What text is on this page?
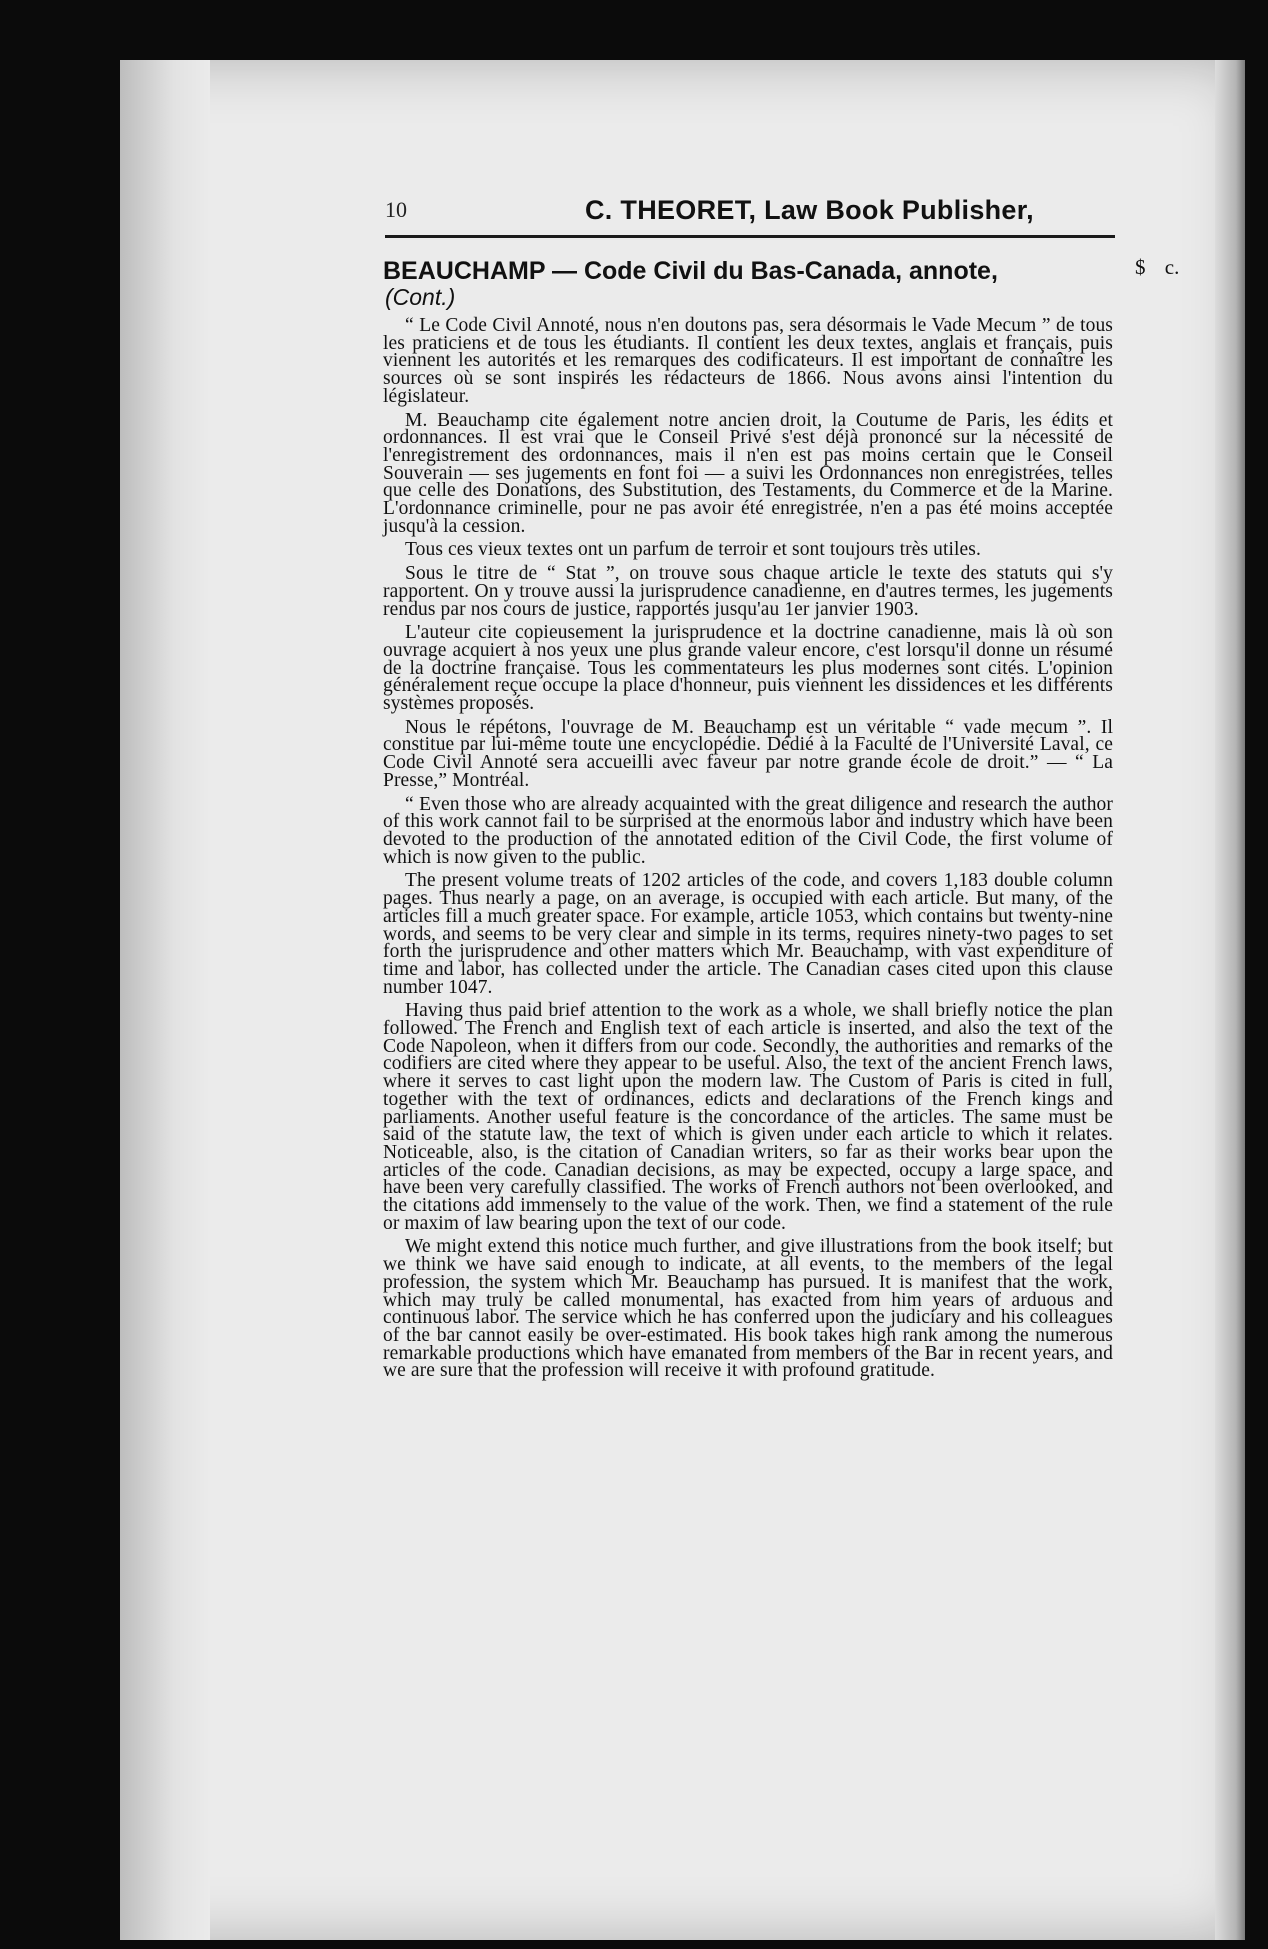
10	C. THEORET, Law Book Publisher,
$ c.
BEAUCHAMP — Code Civil du Bas-Canada, annote,
(Cont.)

“ Le Code Civil Annoté, nous n'en doutons pas, sera désormais le Vade Mecum ” de tous les praticiens et de tous les étudiants. Il contient les deux textes, anglais et français, puis viennent les autorités et les remarques des codificateurs. Il est important de connaître les sources où se sont inspirés les rédacteurs de 1866. Nous avons ainsi l'intention du législateur.

M. Beauchamp cite également notre ancien droit, la Coutume de Paris, les édits et ordonnances. Il est vrai que le Conseil Privé s'est déjà prononcé sur la nécessité de l'enregistrement des ordonnances, mais il n'en est pas moins certain que le Conseil Souverain — ses jugements en font foi — a suivi les Ordonnances non enregistrées, telles que celle des Donations, des Substitution, des Testaments, du Commerce et de la Marine. L'ordonnance criminelle, pour ne pas avoir été enregistrée, n'en a pas été moins acceptée jusqu'à la cession.

Tous ces vieux textes ont un parfum de terroir et sont toujours très utiles.

Sous le titre de “ Stat ”, on trouve sous chaque article le texte des statuts qui s'y rapportent. On y trouve aussi la jurisprudence canadienne, en d'autres termes, les jugements rendus par nos cours de justice, rapportés jusqu'au 1er janvier 1903.

L'auteur cite copieusement la jurisprudence et la doctrine canadienne, mais là où son ouvrage acquiert à nos yeux une plus grande valeur encore, c'est lorsqu'il donne un résumé de la doctrine française. Tous les commentateurs les plus modernes sont cités. L'opinion généralement reçue occupe la place d'honneur, puis viennent les dissidences et les différents systèmes proposés.

Nous le répétons, l'ouvrage de M. Beauchamp est un véritable “ vade mecum ”. Il constitue par lui-même toute une encyclopédie. Dédié à la Faculté de l'Université Laval, ce Code Civil Annoté sera accueilli avec faveur par notre grande école de droit.” — “ La Presse,” Montréal.

“ Even those who are already acquainted with the great diligence and research the author of this work cannot fail to be surprised at the enormous labor and industry which have been devoted to the production of the annotated edition of the Civil Code, the first volume of which is now given to the public.

The present volume treats of 1202 articles of the code, and covers 1,183 double column pages. Thus nearly a page, on an average, is occupied with each article. But many, of the articles fill a much greater space. For example, article 1053, which contains but twenty-nine words, and seems to be very clear and simple in its terms, requires ninety-two pages to set forth the jurisprudence and other matters which Mr. Beauchamp, with vast expenditure of time and labor, has collected under the article. The Canadian cases cited upon this clause number 1047.

Having thus paid brief attention to the work as a whole, we shall briefly notice the plan followed. The French and English text of each article is inserted, and also the text of the Code Napoleon, when it differs from our code. Secondly, the authorities and remarks of the codifiers are cited where they appear to be useful. Also, the text of the ancient French laws, where it serves to cast light upon the modern law. The Custom of Paris is cited in full, together with the text of ordinances, edicts and declarations of the French kings and parliaments. Another useful feature is the concordance of the articles. The same must be said of the statute law, the text of which is given under each article to which it relates. Noticeable, also, is the citation of Canadian writers, so far as their works bear upon the articles of the code. Canadian decisions, as may be expected, occupy a large space, and have been very carefully classified. The works of French authors not been overlooked, and the citations add immensely to the value of the work. Then, we find a statement of the rule or maxim of law bearing upon the text of our code.

We might extend this notice much further, and give illustrations from the book itself; but we think we have said enough to indicate, at all events, to the members of the legal profession, the system which Mr. Beauchamp has pursued. It is manifest that the work, which may truly be called monumental, has exacted from him years of arduous and continuous labor. The service which he has conferred upon the judiciary and his colleagues of the bar cannot easily be over-estimated. His book takes high rank among the numerous remarkable productions which have emanated from members of the Bar in recent years, and we are sure that the profession will receive it with profound gratitude.
